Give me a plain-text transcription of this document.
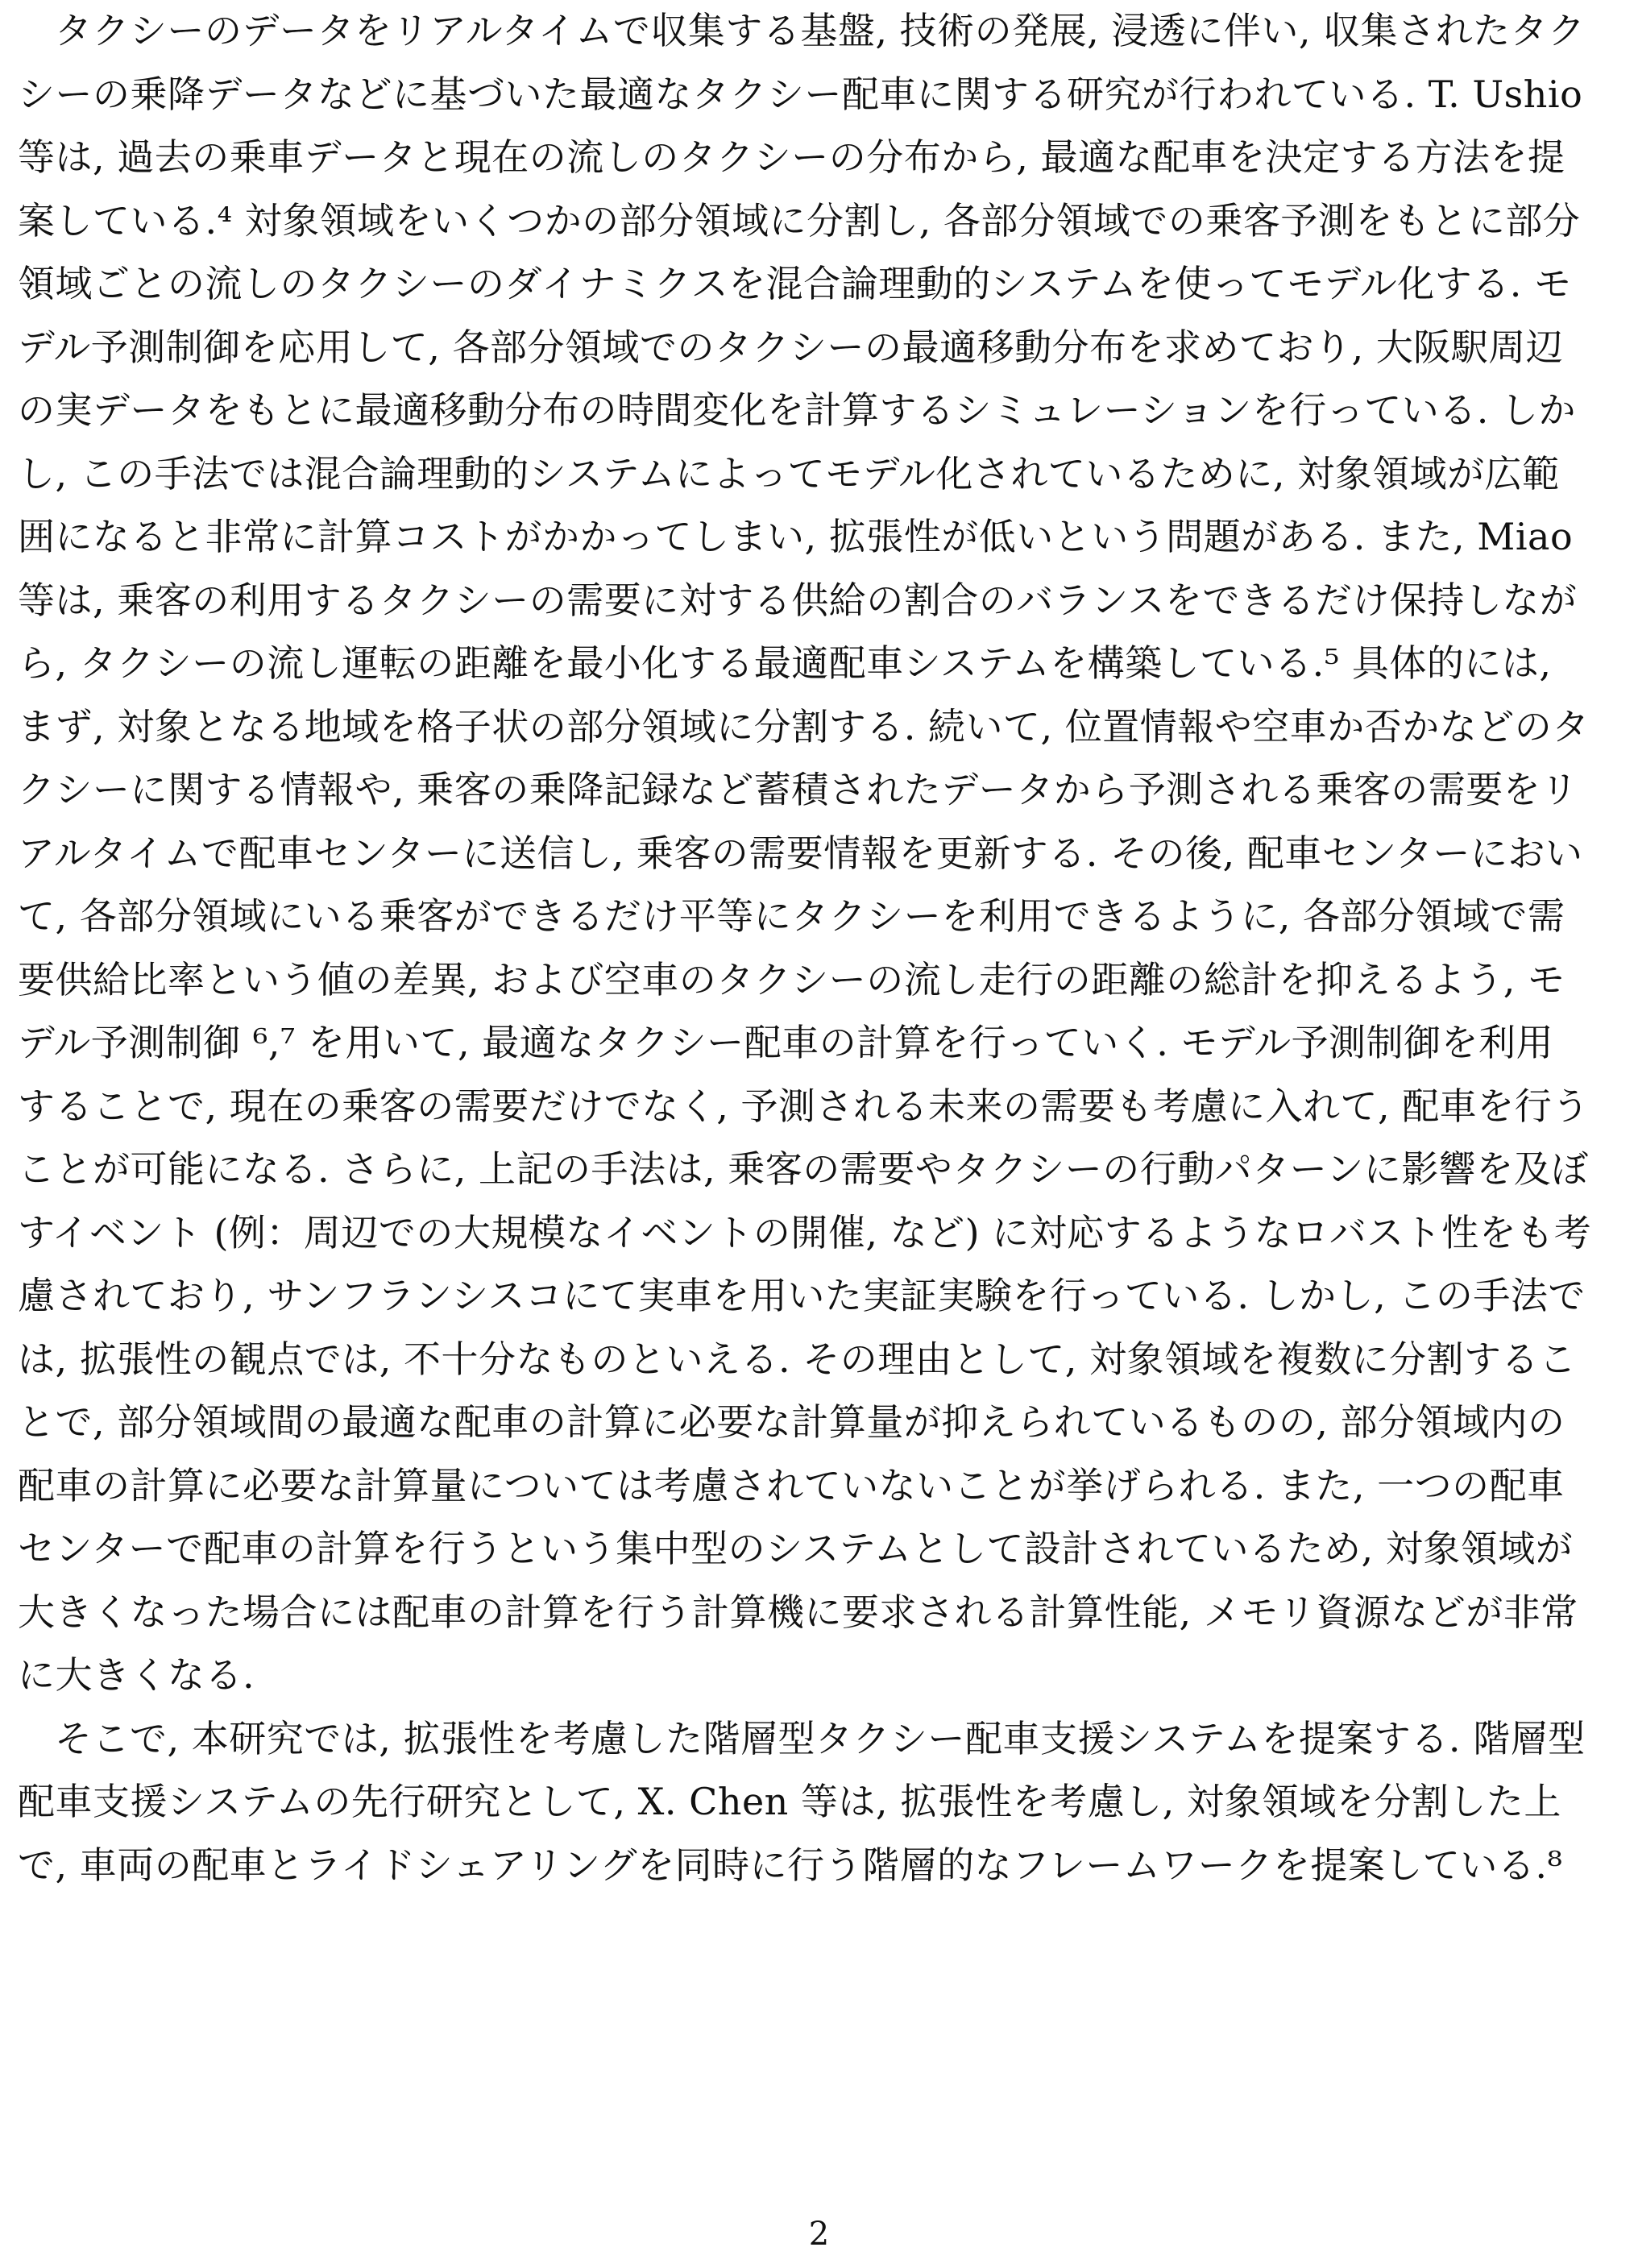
タクシーのデータをリアルタイムで収集する基盤, 技術の発展, 浸透に伴い, 収集されたタク
シーの乗降データなどに基づいた最適なタクシー配車に関する研究が行われている. T. Ushio
等は, 過去の乗車データと現在の流しのタクシーの分布から, 最適な配車を決定する方法を提
案している.⁴ 対象領域をいくつかの部分領域に分割し, 各部分領域での乗客予測をもとに部分
領域ごとの流しのタクシーのダイナミクスを混合論理動的システムを使ってモデル化する. モ
デル予測制御を応用して, 各部分領域でのタクシーの最適移動分布を求めており, 大阪駅周辺
の実データをもとに最適移動分布の時間変化を計算するシミュレーションを行っている. しか
し, この手法では混合論理動的システムによってモデル化されているために, 対象領域が広範
囲になると非常に計算コストがかかってしまい, 拡張性が低いという問題がある. また, Miao
等は, 乗客の利用するタクシーの需要に対する供給の割合のバランスをできるだけ保持しなが
ら, タクシーの流し運転の距離を最小化する最適配車システムを構築している.⁵ 具体的には,
まず, 対象となる地域を格子状の部分領域に分割する. 続いて, 位置情報や空車か否かなどのタ
クシーに関する情報や, 乗客の乗降記録など蓄積されたデータから予測される乗客の需要をリ
アルタイムで配車センターに送信し, 乗客の需要情報を更新する. その後, 配車センターにおい
て, 各部分領域にいる乗客ができるだけ平等にタクシーを利用できるように, 各部分領域で需
要供給比率という値の差異, および空車のタクシーの流し走行の距離の総計を抑えるよう, モ
デル予測制御 ⁶,⁷ を用いて, 最適なタクシー配車の計算を行っていく. モデル予測制御を利用
することで, 現在の乗客の需要だけでなく, 予測される未来の需要も考慮に入れて, 配車を行う
ことが可能になる. さらに, 上記の手法は, 乗客の需要やタクシーの行動パターンに影響を及ぼ
すイベント (例：周辺での大規模なイベントの開催, など) に対応するようなロバスト性をも考
慮されており, サンフランシスコにて実車を用いた実証実験を行っている. しかし, この手法で
は, 拡張性の観点では, 不十分なものといえる. その理由として, 対象領域を複数に分割するこ
とで, 部分領域間の最適な配車の計算に必要な計算量が抑えられているものの, 部分領域内の
配車の計算に必要な計算量については考慮されていないことが挙げられる. また, 一つの配車
センターで配車の計算を行うという集中型のシステムとして設計されているため, 対象領域が
大きくなった場合には配車の計算を行う計算機に要求される計算性能, メモリ資源などが非常
に大きくなる.
そこで, 本研究では, 拡張性を考慮した階層型タクシー配車支援システムを提案する. 階層型
配車支援システムの先行研究として, X. Chen 等は, 拡張性を考慮し, 対象領域を分割した上
で, 車両の配車とライドシェアリングを同時に行う階層的なフレームワークを提案している.⁸
2
